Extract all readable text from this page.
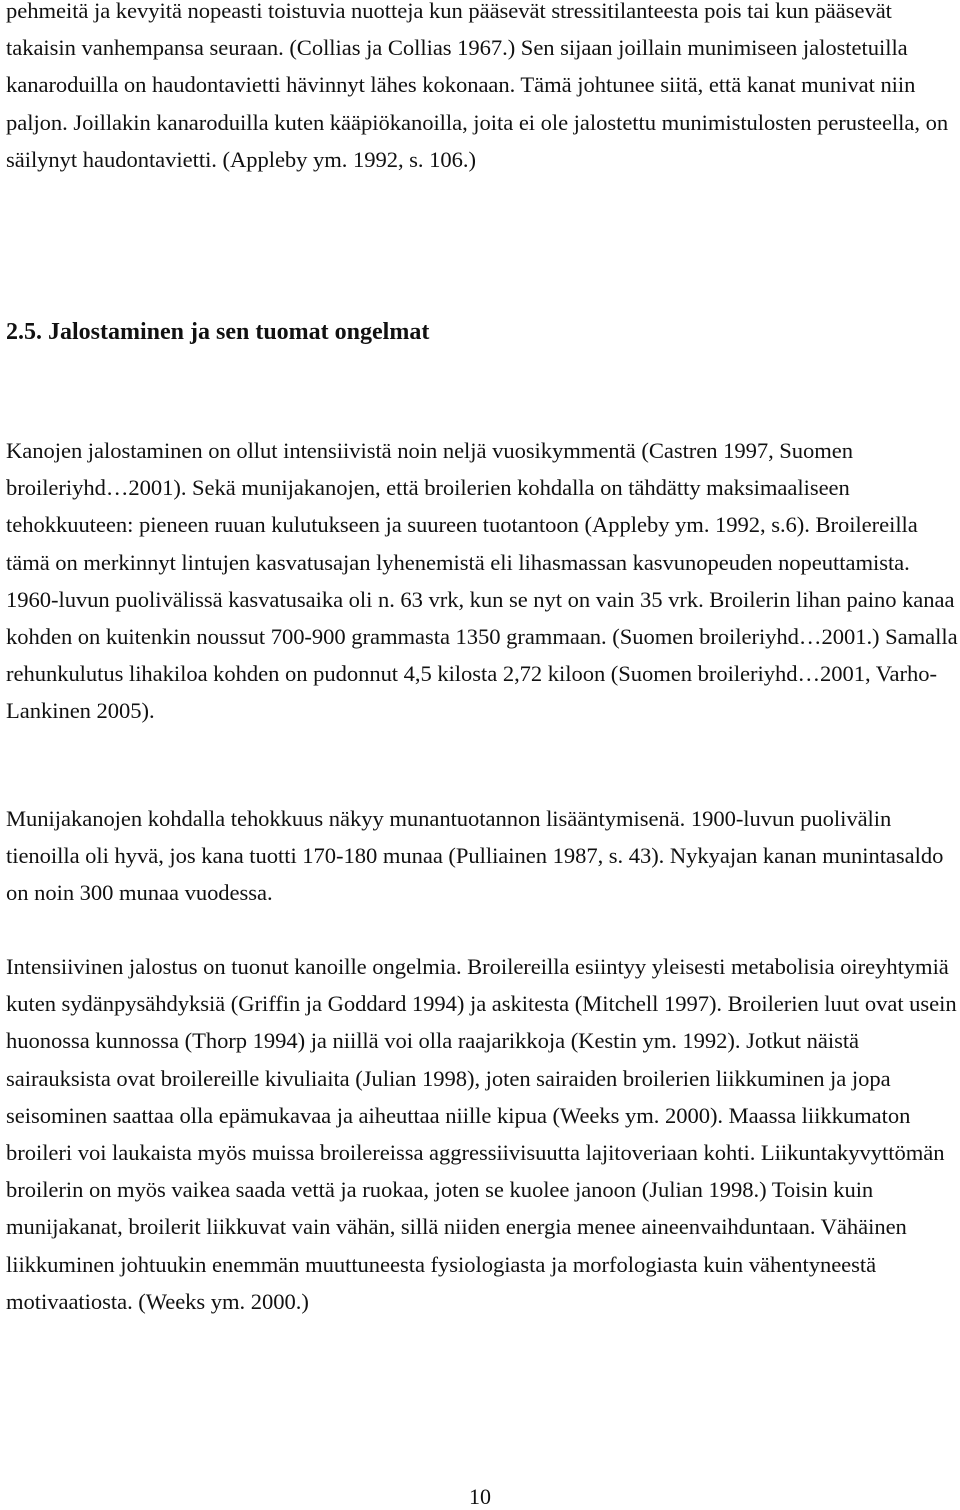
pehmeitä ja kevyitä nopeasti toistuvia nuotteja kun pääsevät stressitilanteesta pois tai kun pääsevät takaisin vanhempansa seuraan. (Collias ja Collias 1967.) Sen sijaan joillain munimiseen jalostetuilla kanaroduilla on haudontavietti hävinnyt lähes kokonaan. Tämä johtunee siitä, että kanat munivat niin paljon. Joillakin kanaroduilla kuten kääpiökanoilla, joita ei ole jalostettu munimistulosten perusteella, on säilynyt haudontavietti. (Appleby ym. 1992, s. 106.)

2.5. Jalostaminen ja sen tuomat ongelmat

Kanojen jalostaminen on ollut intensiivistä noin neljä vuosikymmentä (Castren 1997, Suomen broileriyhd…2001). Sekä munijakanojen, että broilerien kohdalla on tähdätty maksimaaliseen tehokkuuteen: pieneen ruuan kulutukseen ja suureen tuotantoon (Appleby ym. 1992, s.6). Broilereilla tämä on merkinnyt lintujen kasvatusajan lyhenemistä eli lihasmassan kasvunopeuden nopeuttamista. 1960-luvun puolivälissä kasvatusaika oli n. 63 vrk, kun se nyt on vain 35 vrk. Broilerin lihan paino kanaa kohden on kuitenkin noussut 700-900 grammasta 1350 grammaan. (Suomen broileriyhd…2001.) Samalla rehunkulutus lihakiloa kohden on pudonnut 4,5 kilosta 2,72 kiloon (Suomen broileriyhd…2001, Varho-Lankinen 2005).

Munijakanojen kohdalla tehokkuus näkyy munantuotannon lisääntymisenä. 1900-luvun puolivälin tienoilla oli hyvä, jos kana tuotti 170-180 munaa (Pulliainen 1987, s. 43). Nykyajan kanan munintasaldo on noin 300 munaa vuodessa.

Intensiivinen jalostus on tuonut kanoille ongelmia. Broilereilla esiintyy yleisesti metabolisia oireyhtymiä kuten sydänpysähdyksiä (Griffin ja Goddard 1994) ja askitesta (Mitchell 1997). Broilerien luut ovat usein huonossa kunnossa (Thorp 1994) ja niillä voi olla raajarikkoja (Kestin ym. 1992). Jotkut näistä sairauksista ovat broilereille kivuliaita (Julian 1998), joten sairaiden broilerien liikkuminen ja jopa seisominen saattaa olla epämukavaa ja aiheuttaa niille kipua (Weeks ym. 2000). Maassa liikkumaton broileri voi laukaista myös muissa broilereissa aggressiivisuutta lajitoveriaan kohti. Liikuntakyvyttömän broilerin on myös vaikea saada vettä ja ruokaa, joten se kuolee janoon (Julian 1998.) Toisin kuin munijakanat, broilerit liikkuvat vain vähän, sillä niiden energia menee aineenvaihduntaan. Vähäinen liikkuminen johtuukin enemmän muuttuneesta fysiologiasta ja morfologiasta kuin vähentyneestä motivaatiosta. (Weeks ym. 2000.)

10
